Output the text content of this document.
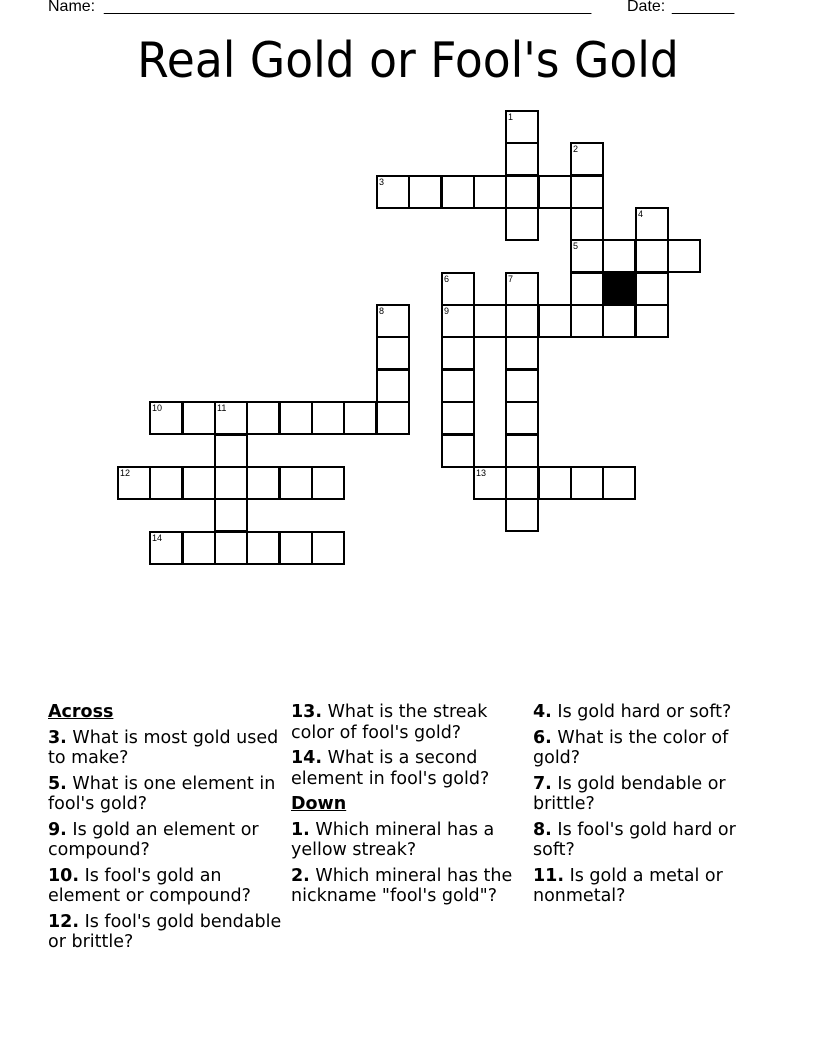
Name: ________________________________________________________ Date: _______
Real Gold or Fool's Gold
1
2
5
3
4
6
9
7
8
10	11
12	13
14
Across
3. What is most gold used to make?
5. What is one element in fool's gold?
9. Is gold an element or compound?
10. Is fool's gold an element or compound?
12. Is fool's gold bendable or brittle?
13. What is the streak color of fool's gold?
14. What is a second element in fool's gold?
Down
1. Which mineral has a yellow streak?
2. Which mineral has the nickname "fool's gold"?
4. Is gold hard or soft?
6. What is the color of gold?
7. Is gold bendable or brittle?
8. Is fool's gold hard or soft?
11. Is gold a metal or nonmetal?
